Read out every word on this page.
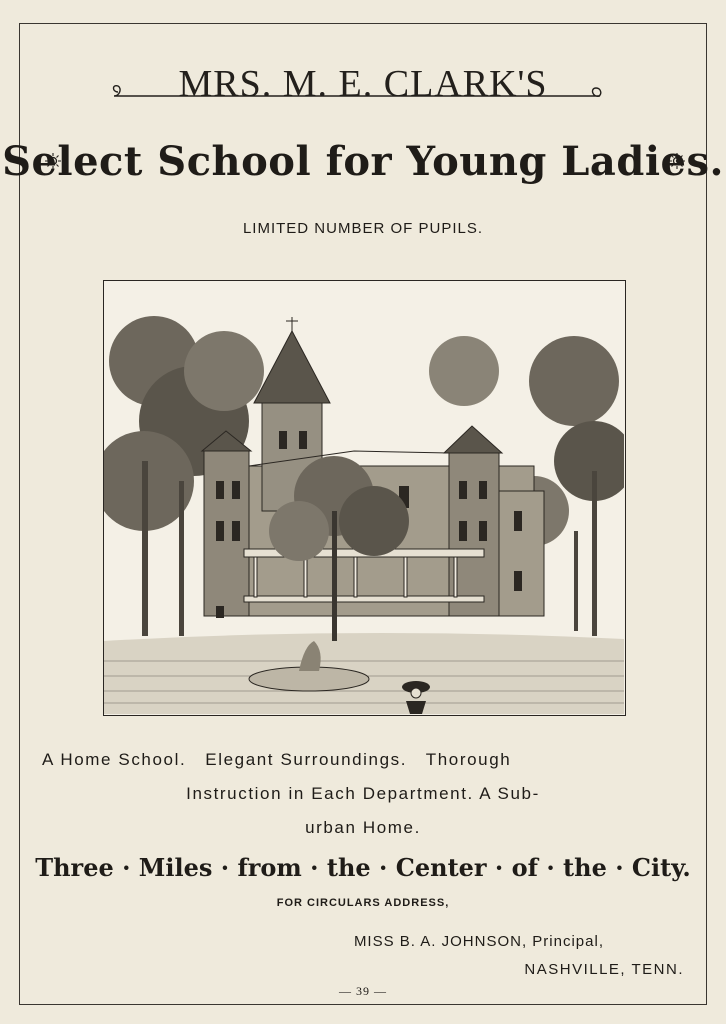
MRS. M. E. CLARK'S
Select School for Young Ladies.
LIMITED NUMBER OF PUPILS.
A Home School.   Elegant Surroundings.   Thorough
Instruction in Each Department. A Sub-
urban Home.
Three · Miles · from · the · Center · of · the · City.
FOR CIRCULARS ADDRESS,
MISS B. A. JOHNSON, Principal,
NASHVILLE, TENN.
— 39 —
